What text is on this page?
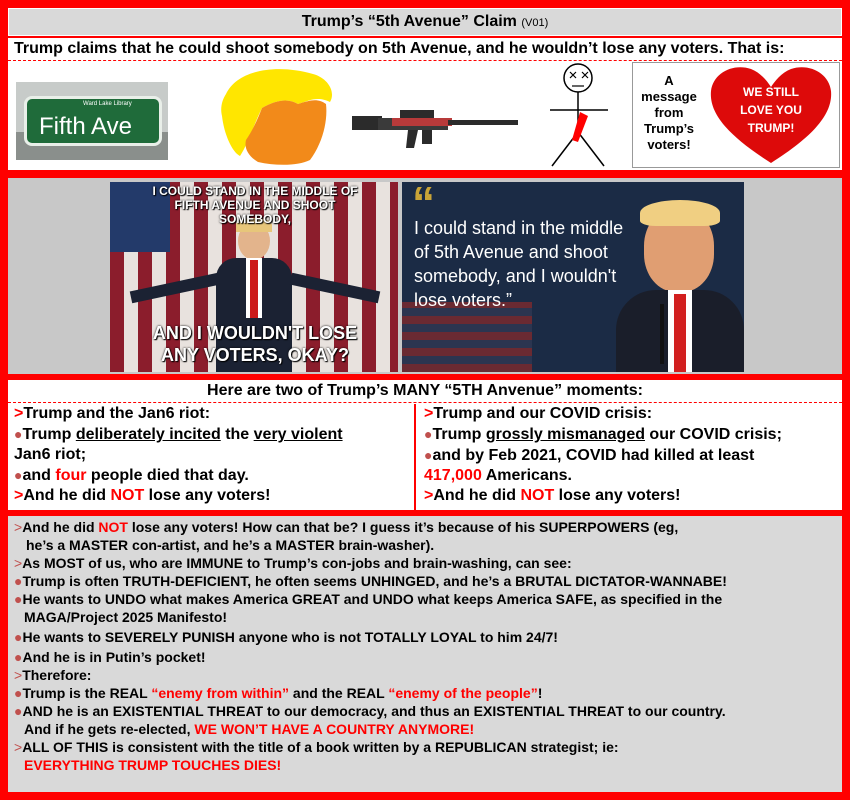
Trump’s “5th Avenue” Claim (V01)
Trump claims that he could shoot somebody on 5th Avenue, and he wouldn’t lose any voters. That is:
Ward Lake Library
Fifth Ave
A message from Trump’s voters!
WE STILL LOVE YOU TRUMP!
I COULD STAND IN THE MIDDLE OF FIFTH AVENUE AND SHOOT SOMEBODY,
AND I WOULDN'T LOSE ANY VOTERS, OKAY?
“
I could stand in the middle of 5th Avenue and shoot somebody, and I wouldn't lose voters.”
Here are two of Trump’s MANY “5TH Anvenue” moments:
>Trump and the Jan6 riot:
●Trump deliberately incited the very violent
Jan6 riot;
●and four people died that day.
>And he did NOT lose any voters!
>Trump and our COVID crisis:
●Trump grossly mismanaged our COVID crisis;
●and by Feb 2021, COVID had killed at least
417,000 Americans.
>And he did NOT lose any voters!
>And he did NOT lose any voters! How can that be? I guess it’s because of his SUPERPOWERS (eg,
he’s a MASTER con-artist, and he’s a MASTER brain-washer).
>As MOST of us, who are IMMUNE to Trump’s con-jobs and brain-washing, can see:
●Trump is often TRUTH-DEFICIENT, he often seems UNHINGED, and he’s a BRUTAL DICTATOR-WANNABE!
●He wants to UNDO what makes America GREAT and UNDO what keeps America SAFE, as specified in the
MAGA/Project 2025 Manifesto!
●He wants to SEVERELY PUNISH anyone who is not TOTALLY LOYAL to him 24/7!
●And he is in Putin’s pocket!
>Therefore:
●Trump is the REAL “enemy from within” and the REAL “enemy of the people”!
●AND he is an EXISTENTIAL THREAT to our democracy, and thus an EXISTENTIAL THREAT to our country.
And if he gets re-elected, WE WON’T HAVE A COUNTRY ANYMORE!
>ALL OF THIS is consistent with the title of a book written by a REPUBLICAN strategist; ie:
EVERYTHING TRUMP TOUCHES DIES!
